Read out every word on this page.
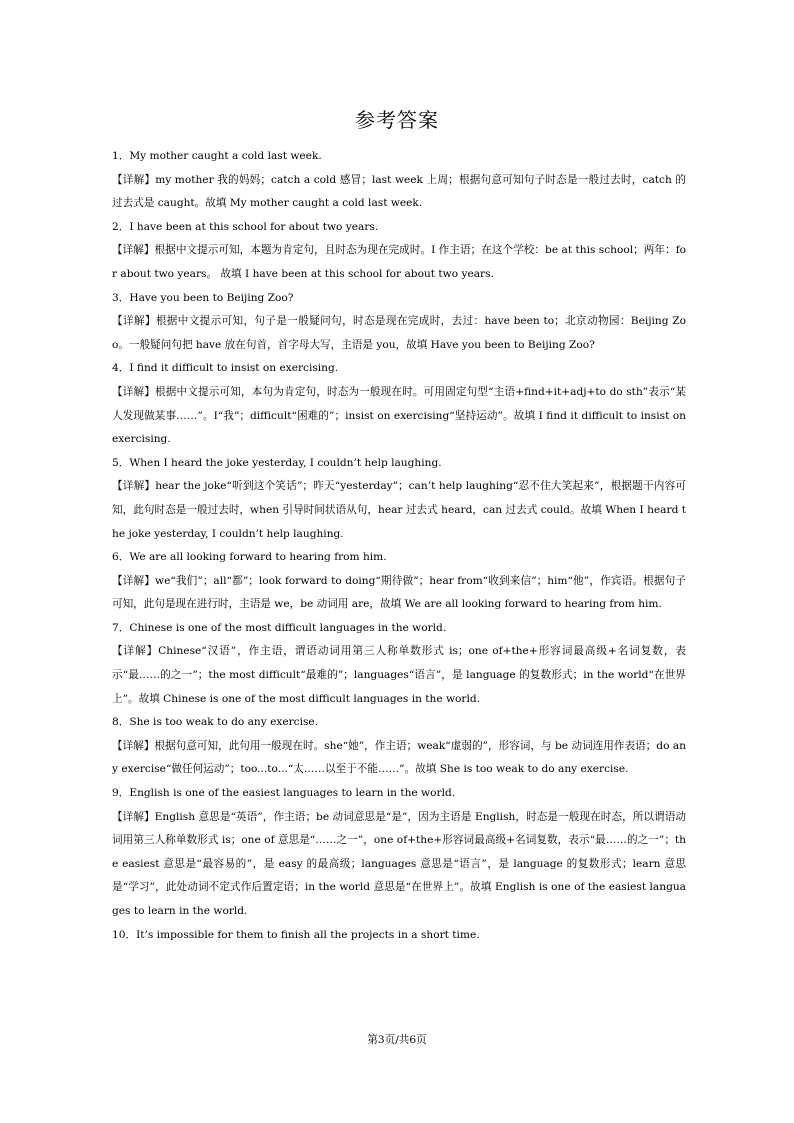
参考答案

1．My mother caught a cold last week.

【详解】my mother 我的妈妈；catch a cold 感冒；last week 上周；根据句意可知句子时态是一般过去时，catch 的过去式是 caught。故填 My mother caught a cold last week.

2．I have been at this school for about two years.

【详解】根据中文提示可知，本题为肯定句，且时态为现在完成时。I 作主语；在这个学校：be at this school；两年：for about two years。 故填 I have been at this school for about two years.

3．Have you been to Beijing Zoo?

【详解】根据中文提示可知，句子是一般疑问句，时态是现在完成时，去过：have been to；北京动物园：Beijing Zoo。一般疑问句把 have 放在句首，首字母大写，主语是 you，故填 Have you been to Beijing Zoo?

4．I find it difficult to insist on exercising.

【详解】根据中文提示可知，本句为肯定句，时态为一般现在时。可用固定句型“主语+find+it+adj+to do sth”表示“某人发现做某事……”。I“我”；difficult“困难的”；insist on exercising“坚持运动”。故填 I find it difficult to insist on exercising.

5．When I heard the joke yesterday, I couldn’t help laughing.

【详解】hear the joke“听到这个笑话”；昨天“yesterday”；can’t help laughing“忍不住大笑起来”，根据题干内容可知，此句时态是一般过去时，when 引导时间状语从句，hear 过去式 heard，can 过去式 could。故填 When I heard the joke yesterday, I couldn’t help laughing.

6．We are all looking forward to hearing from him.

【详解】we“我们”；all“都”；look forward to doing“期待做”；hear from“收到来信”；him“他”，作宾语。根据句子可知，此句是现在进行时，主语是 we，be 动词用 are，故填 We are all looking forward to hearing from him.

7．Chinese is one of the most difficult languages in the world.

【详解】Chinese“汉语”，作主语，谓语动词用第三人称单数形式 is；one of+the+形容词最高级+名词复数，表示“最……的之一”；the most difficult“最难的”；languages“语言”，是 language 的复数形式；in the world“在世界上”。故填 Chinese is one of the most difficult languages in the world.

8．She is too weak to do any exercise.

【详解】根据句意可知，此句用一般现在时。she“她”，作主语；weak“虚弱的”，形容词，与 be 动词连用作表语；do any exercise“做任何运动”；too...to...“太……以至于不能……”。故填 She is too weak to do any exercise.

9．English is one of the easiest languages to learn in the world.

【详解】English 意思是“英语”，作主语；be 动词意思是“是”，因为主语是 English，时态是一般现在时态，所以谓语动词用第三人称单数形式 is；one of 意思是“……之一”，one of+the+形容词最高级+名词复数，表示“最……的之一”；the easiest 意思是“最容易的”，是 easy 的最高级；languages 意思是“语言”，是 language 的复数形式；learn 意思是“学习”，此处动词不定式作后置定语；in the world 意思是“在世界上”。故填 English is one of the easiest languages to learn in the world.

10．It’s impossible for them to finish all the projects in a short time.

第3页/共6页
